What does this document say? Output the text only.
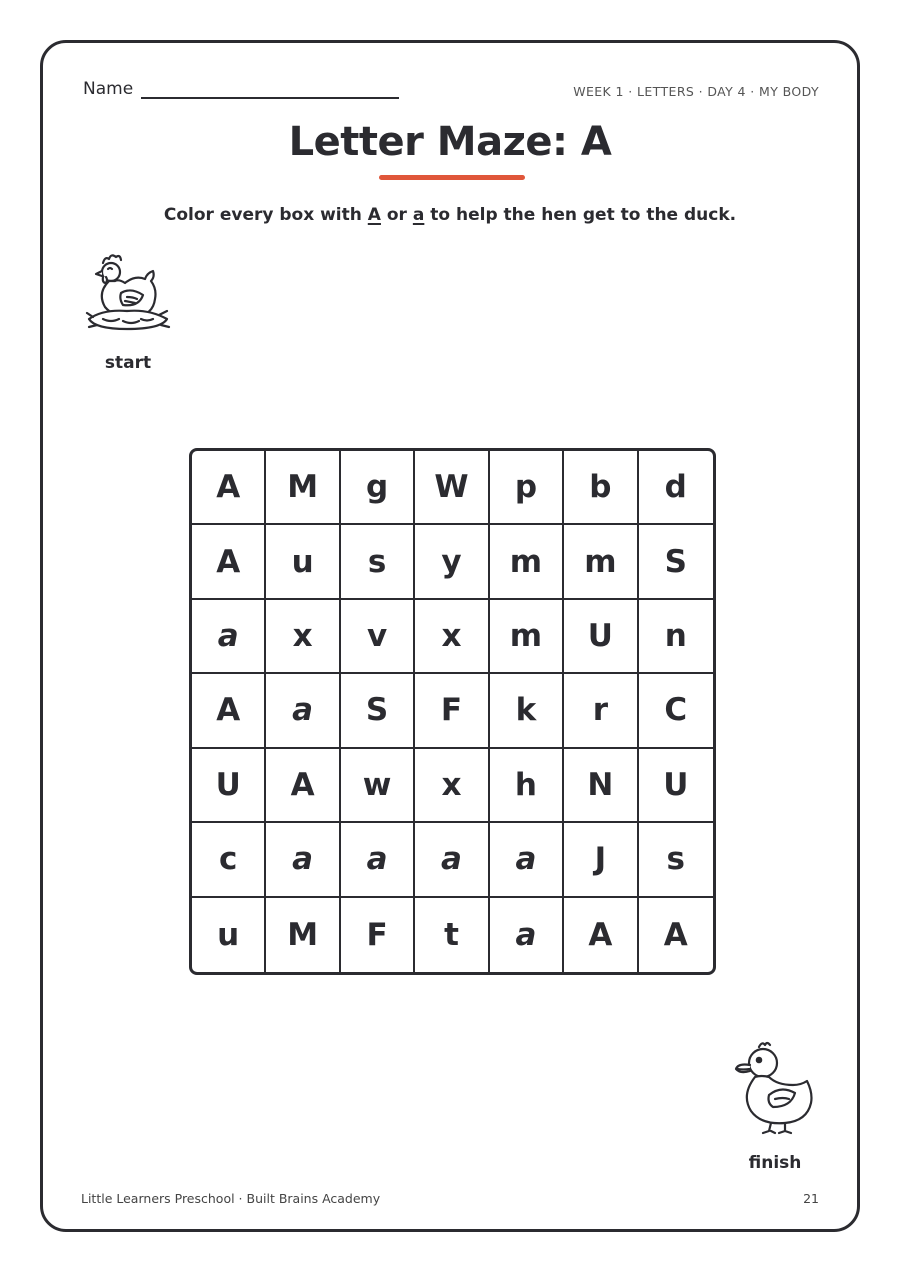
Name	WEEK 1 · LETTERS · DAY 4 · MY BODY
Letter Maze: A
Color every box with A or a to help the hen get to the duck.
start
A	M	g	W	p	b	d
A	u	s	y	m	m	S
a	x	v	x	m	U	n
A	a	S	F	k	r	C
U	A	w	x	h	N	U
c	a	a	a	a	J	s
u	M	F	t	a	A	A
finish
Little Learners Preschool · Built Brains Academy	21
